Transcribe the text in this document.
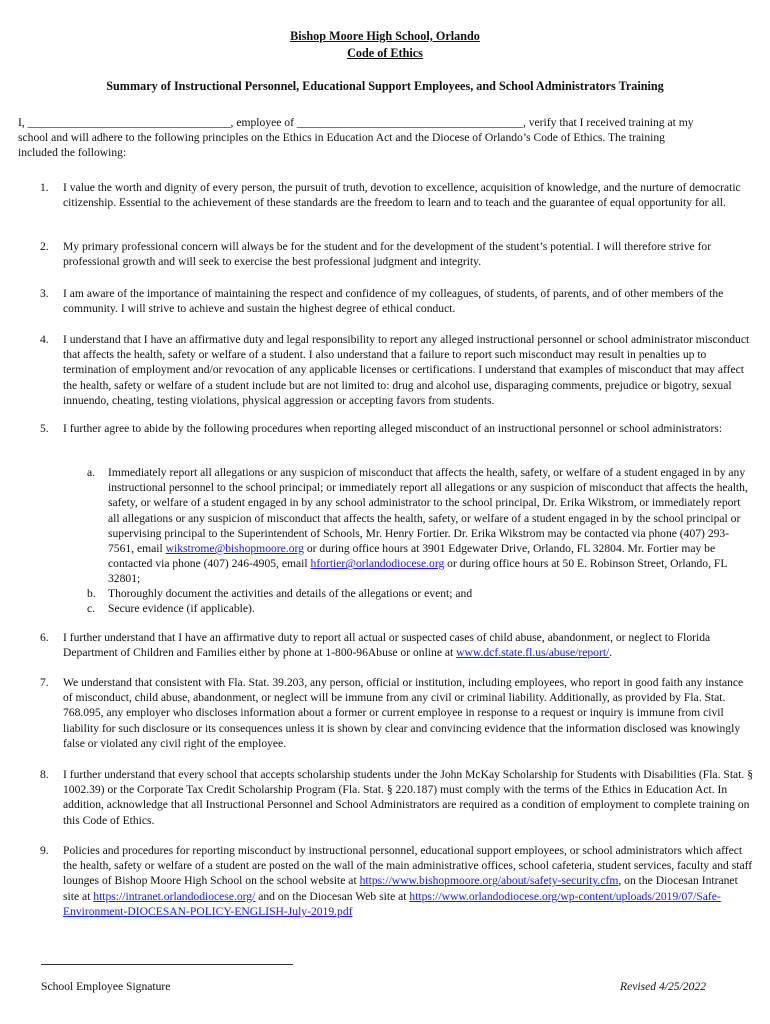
Bishop Moore High School, Orlando
Code of Ethics
Summary of Instructional Personnel, Educational Support Employees, and School Administrators Training
I, ___________________________________, employee of _______________________________________, verify that I received training at my
school and will adhere to the following principles on the Ethics in Education Act and the Diocese of Orlando’s Code of Ethics. The training
included the following:
1.	I value the worth and dignity of every person, the pursuit of truth, devotion to excellence, acquisition of knowledge, and the nurture of democratic citizenship. Essential to the achievement of these standards are the freedom to learn and to teach and the guarantee of equal opportunity for all.
2.	My primary professional concern will always be for the student and for the development of the student’s potential. I will therefore strive for professional growth and will seek to exercise the best professional judgment and integrity.
3.	I am aware of the importance of maintaining the respect and confidence of my colleagues, of students, of parents, and of other members of the community. I will strive to achieve and sustain the highest degree of ethical conduct.
4.	I understand that I have an affirmative duty and legal responsibility to report any alleged instructional personnel or school administrator misconduct that affects the health, safety or welfare of a student. I also understand that a failure to report such misconduct may result in penalties up to termination of employment and/or revocation of any applicable licenses or certifications. I understand that examples of misconduct that may affect the health, safety or welfare of a student include but are not limited to: drug and alcohol use, disparaging comments, prejudice or bigotry, sexual innuendo, cheating, testing violations, physical aggression or accepting favors from students.
5.	I further agree to abide by the following procedures when reporting alleged misconduct of an instructional personnel or school administrators:
a. Immediately report all allegations or any suspicion of misconduct that affects the health, safety, or welfare of a student engaged in by any instructional personnel to the school principal; or immediately report all allegations or any suspicion of misconduct that affects the health, safety, or welfare of a student engaged in by any school administrator to the school principal, Dr. Erika Wikstrom, or immediately report all allegations or any suspicion of misconduct that affects the health, safety, or welfare of a student engaged in by the school principal or supervising principal to the Superintendent of Schools, Mr. Henry Fortier. Dr. Erika Wikstrom may be contacted via phone (407) 293-7561, email wikstrome@bishopmoore.org or during office hours at 3901 Edgewater Drive, Orlando, FL 32804. Mr. Fortier may be contacted via phone (407) 246-4905, email hfortier@orlandodiocese.org or during office hours at 50 E. Robinson Street, Orlando, FL 32801;
b. Thoroughly document the activities and details of the allegations or event; and
c. Secure evidence (if applicable).
6.	I further understand that I have an affirmative duty to report all actual or suspected cases of child abuse, abandonment, or neglect to Florida Department of Children and Families either by phone at 1-800-96Abuse or online at www.dcf.state.fl.us/abuse/report/.
7.	We understand that consistent with Fla. Stat. 39.203, any person, official or institution, including employees, who report in good faith any instance of misconduct, child abuse, abandonment, or neglect will be immune from any civil or criminal liability. Additionally, as provided by Fla. Stat. 768.095, any employer who discloses information about a former or current employee in response to a request or inquiry is immune from civil liability for such disclosure or its consequences unless it is shown by clear and convincing evidence that the information disclosed was knowingly false or violated any civil right of the employee.
8.	I further understand that every school that accepts scholarship students under the John McKay Scholarship for Students with Disabilities (Fla. Stat. § 1002.39) or the Corporate Tax Credit Scholarship Program (Fla. Stat. § 220.187) must comply with the terms of the Ethics in Education Act. In addition, acknowledge that all Instructional Personnel and School Administrators are required as a condition of employment to complete training on this Code of Ethics.
9.	Policies and procedures for reporting misconduct by instructional personnel, educational support employees, or school administrators which affect the health, safety or welfare of a student are posted on the wall of the main administrative offices, school cafeteria, student services, faculty and staff lounges of Bishop Moore High School on the school website at https://www.bishopmoore.org/about/safety-security.cfm, on the Diocesan Intranet site at https://intranet.orlandodiocese.org/ and on the Diocesan Web site at https://www.orlandodiocese.org/wp-content/uploads/2019/07/Safe-Environment-DIOCESAN-POLICY-ENGLISH-July-2019.pdf
School Employee Signature	Revised 4/25/2022
